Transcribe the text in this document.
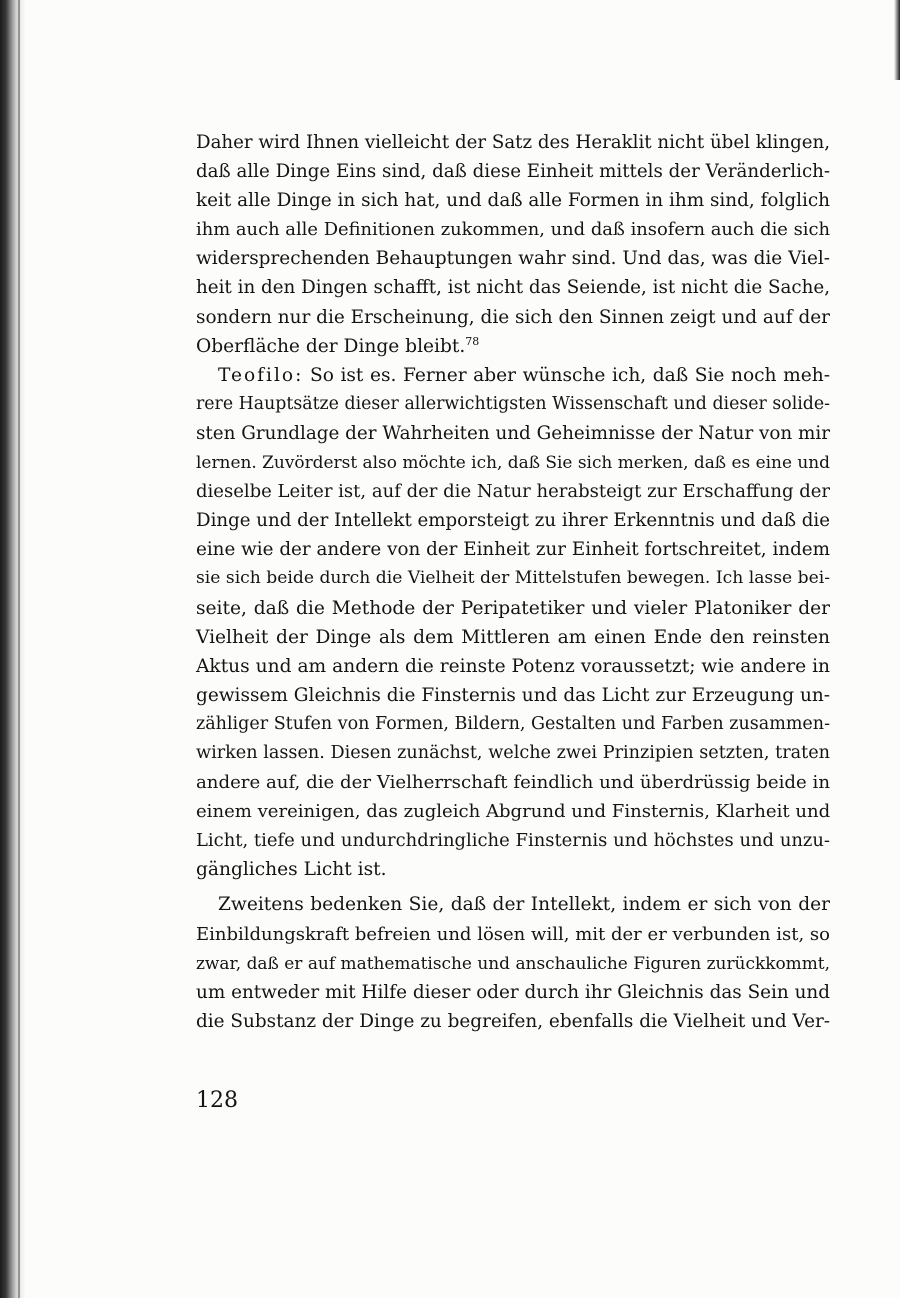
Daher wird Ihnen vielleicht der Satz des Heraklit nicht übel klingen,
daß alle Dinge Eins sind, daß diese Einheit mittels der Veränderlich-
keit alle Dinge in sich hat, und daß alle Formen in ihm sind, folglich
ihm auch alle Definitionen zukommen, und daß insofern auch die sich
widersprechenden Behauptungen wahr sind. Und das, was die Viel-
heit in den Dingen schafft, ist nicht das Seiende, ist nicht die Sache,
sondern nur die Erscheinung, die sich den Sinnen zeigt und auf der
Oberfläche der Dinge bleibt.$^{78}$
Teofilo: So ist es. Ferner aber wünsche ich, daß Sie noch meh-
rere Hauptsätze dieser allerwichtigsten Wissenschaft und dieser solide-
sten Grundlage der Wahrheiten und Geheimnisse der Natur von mir
lernen. Zuvörderst also möchte ich, daß Sie sich merken, daß es eine und
dieselbe Leiter ist, auf der die Natur herabsteigt zur Erschaffung der
Dinge und der Intellekt emporsteigt zu ihrer Erkenntnis und daß die
eine wie der andere von der Einheit zur Einheit fortschreitet, indem
sie sich beide durch die Vielheit der Mittelstufen bewegen. Ich lasse bei-
seite, daß die Methode der Peripatetiker und vieler Platoniker der
Vielheit der Dinge als dem Mittleren am einen Ende den reinsten
Aktus und am andern die reinste Potenz voraussetzt; wie andere in
gewissem Gleichnis die Finsternis und das Licht zur Erzeugung un-
zähliger Stufen von Formen, Bildern, Gestalten und Farben zusammen-
wirken lassen. Diesen zunächst, welche zwei Prinzipien setzten, traten
andere auf, die der Vielherrschaft feindlich und überdrüssig beide in
einem vereinigen, das zugleich Abgrund und Finsternis, Klarheit und
Licht, tiefe und undurchdringliche Finsternis und höchstes und unzu-
gängliches Licht ist.
Zweitens bedenken Sie, daß der Intellekt, indem er sich von der
Einbildungskraft befreien und lösen will, mit der er verbunden ist, so
zwar, daß er auf mathematische und anschauliche Figuren zurückkommt,
um entweder mit Hilfe dieser oder durch ihr Gleichnis das Sein und
die Substanz der Dinge zu begreifen, ebenfalls die Vielheit und Ver-
128
